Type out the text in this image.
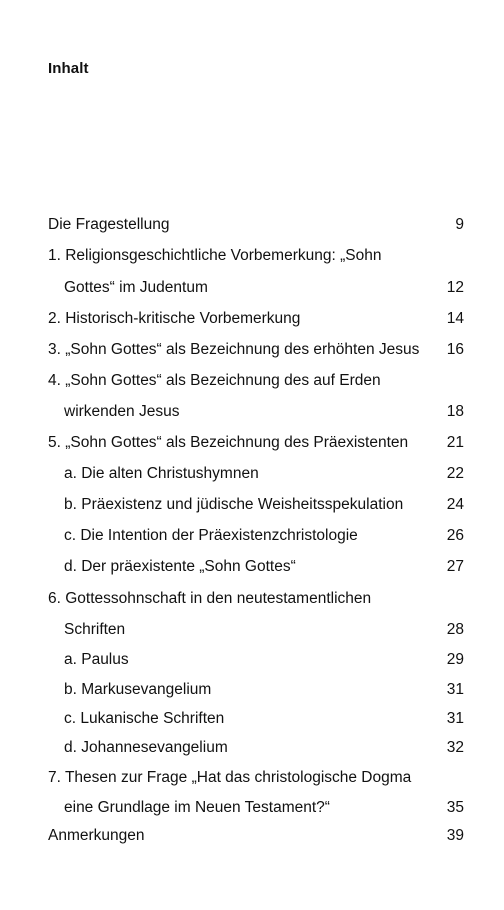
Inhalt
Die Fragestellung	9
1. Religionsgeschichtliche Vorbemerkung: „Sohn
Gottes“ im Judentum	12
2. Historisch-kritische Vorbemerkung	14
3. „Sohn Gottes“ als Bezeichnung des erhöhten Jesus 16
4. „Sohn Gottes“ als Bezeichnung des auf Erden
wirkenden Jesus	18
5. „Sohn Gottes“ als Bezeichnung des Präexistenten 21
a. Die alten Christushymnen	22
b. Präexistenz und jüdische Weisheitsspekulation	24
c. Die Intention der Präexistenzchristologie	26
d. Der präexistente „Sohn Gottes“	27
6. Gottessohnschaft in den neutestamentlichen
Schriften	28
a. Paulus	29
b. Markusevangelium	31
c. Lukanische Schriften	31
d. Johannesevangelium	32
7. Thesen zur Frage „Hat das christologische Dogma
eine Grundlage im Neuen Testament?“	35
Anmerkungen	39
